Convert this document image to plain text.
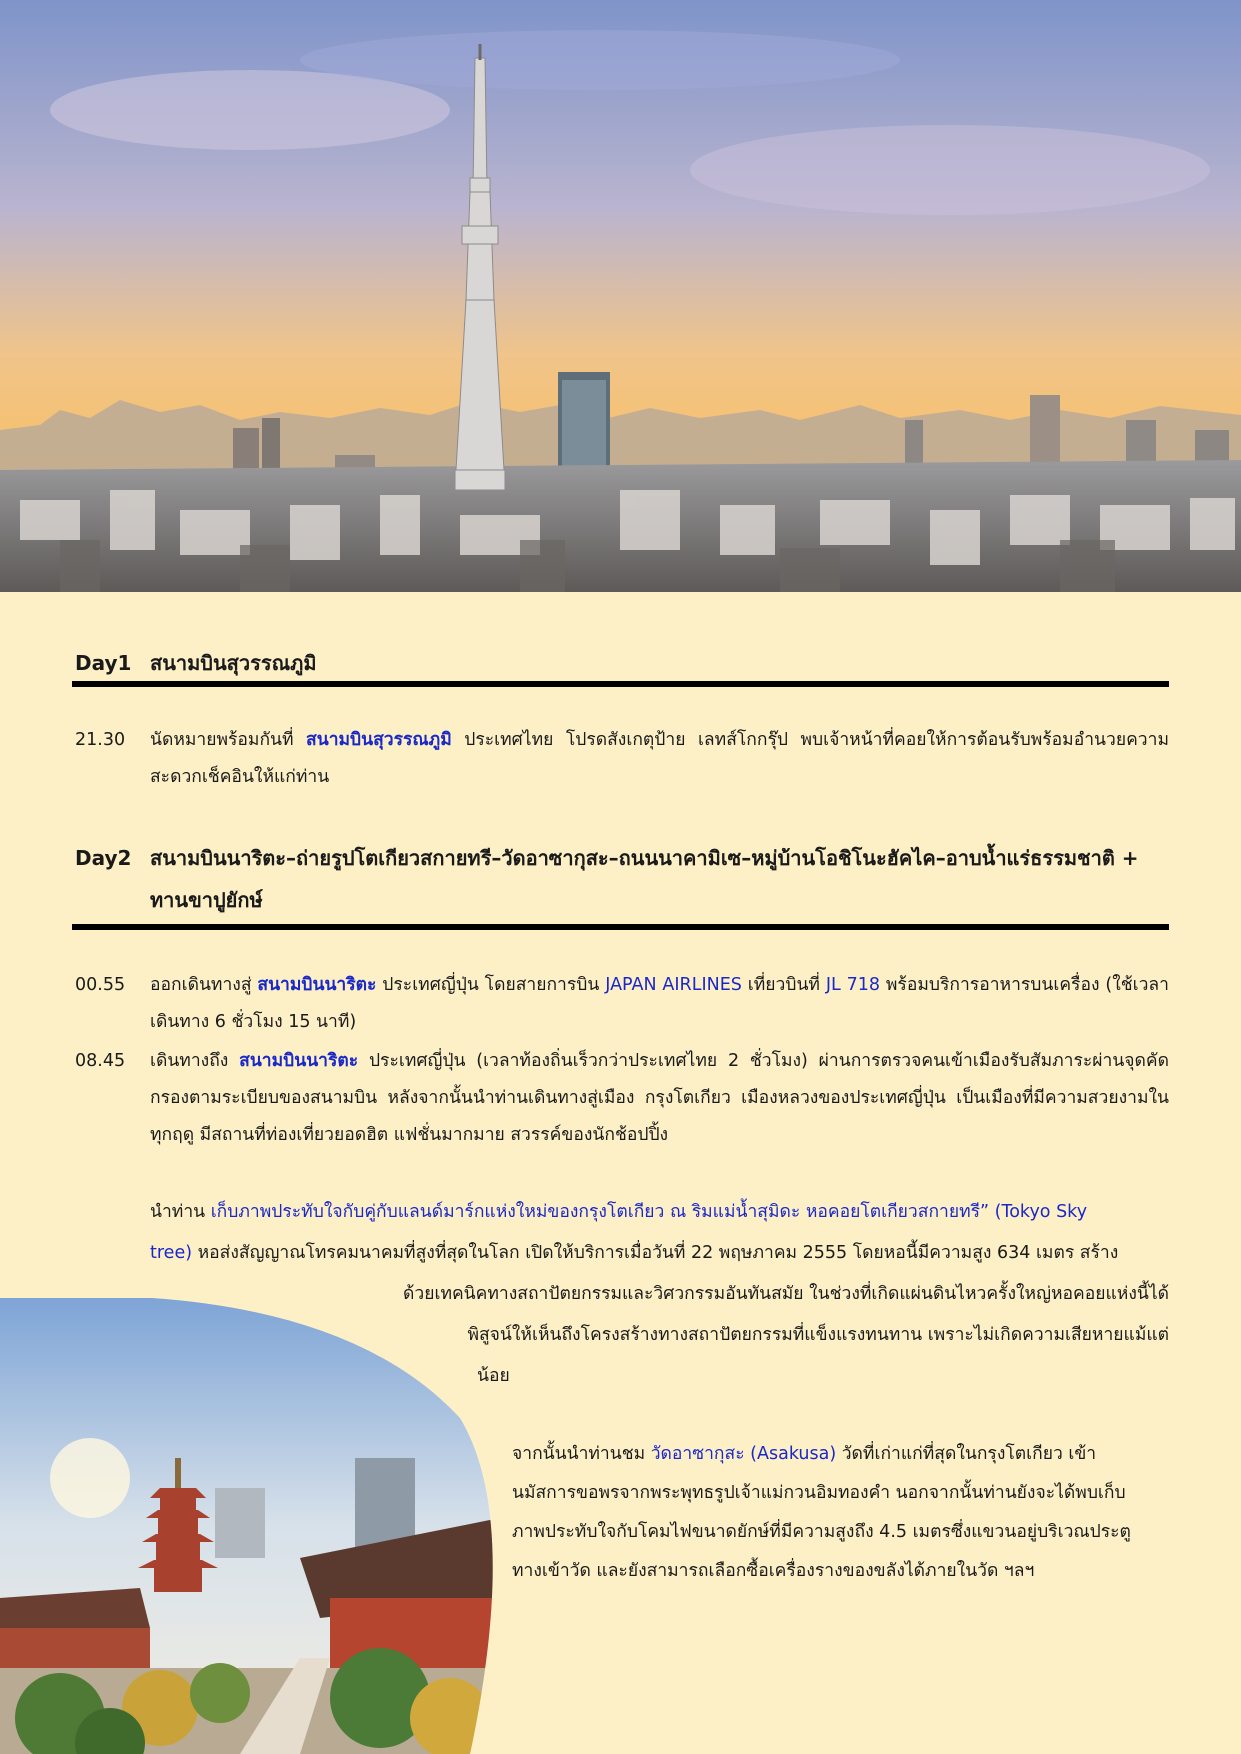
Day1 สนามบินสุวรรณภูมิ
21.30	นัดหมายพร้อมกันที่ สนามบินสุวรรณภูมิ ประเทศไทย โปรดสังเกตุป้าย เลทส์โกกรุ๊ป พบเจ้าหน้าที่คอยให้การต้อนรับพร้อมอำนวยความสะดวกเช็คอินให้แก่ท่าน
Day2 สนามบินนาริตะ–ถ่ายรูปโตเกียวสกายทรี–วัดอาซากุสะ–ถนนนาคามิเซ–หมู่บ้านโอชิโนะฮัคไค–อาบน้ำแร่ธรรมชาติ + ทานขาปูยักษ์
00.55	ออกเดินทางสู่ สนามบินนาริตะ ประเทศญี่ปุ่น โดยสายการบิน JAPAN AIRLINES เที่ยวบินที่ JL 718 พร้อมบริการอาหารบนเครื่อง (ใช้เวลาเดินทาง 6 ชั่วโมง 15 นาที)
08.45	เดินทางถึง สนามบินนาริตะ ประเทศญี่ปุ่น (เวลาท้องถิ่นเร็วกว่าประเทศไทย 2 ชั่วโมง) ผ่านการตรวจคนเข้าเมืองรับสัมภาระผ่านจุดคัดกรองตามระเบียบของสนามบิน หลังจากนั้นนำท่านเดินทางสู่เมือง กรุงโตเกียว เมืองหลวงของประเทศญี่ปุ่น เป็นเมืองที่มีความสวยงามในทุกฤดู มีสถานที่ท่องเที่ยวยอดฮิต แฟชั่นมากมาย สวรรค์ของนักช้อปปิ้ง
นำท่าน เก็บภาพประทับใจกับคู่กับแลนด์มาร์กแห่งใหม่ของกรุงโตเกียว ณ ริมแม่น้ำสุมิดะ หอคอยโตเกียวสกายทรี” (Tokyo Sky
tree) หอส่งสัญญาณโทรคมนาคมที่สูงที่สุดในโลก เปิดให้บริการเมื่อวันที่ 22 พฤษภาคม 2555 โดยหอนี้มีความสูง 634 เมตร สร้าง
ด้วยเทคนิคทางสถาปัตยกรรมและวิศวกรรมอันทันสมัย ในช่วงที่เกิดแผ่นดินไหวครั้งใหญ่หอคอยแห่งนี้ได้
พิสูจน์ให้เห็นถึงโครงสร้างทางสถาปัตยกรรมที่แข็งแรงทนทาน เพราะไม่เกิดความเสียหายแม้แต่
น้อย
จากนั้นนำท่านชม วัดอาซากุสะ (Asakusa) วัดที่เก่าแก่ที่สุดในกรุงโตเกียว เข้า
นมัสการขอพรจากพระพุทธรูปเจ้าแม่กวนอิมทองคำ นอกจากนั้นท่านยังจะได้พบเก็บ
ภาพประทับใจกับโคมไฟขนาดยักษ์ที่มีความสูงถึง 4.5 เมตรซึ่งแขวนอยู่บริเวณประตู
ทางเข้าวัด และยังสามารถเลือกซื้อเครื่องรางของขลังได้ภายในวัด ฯลฯ
